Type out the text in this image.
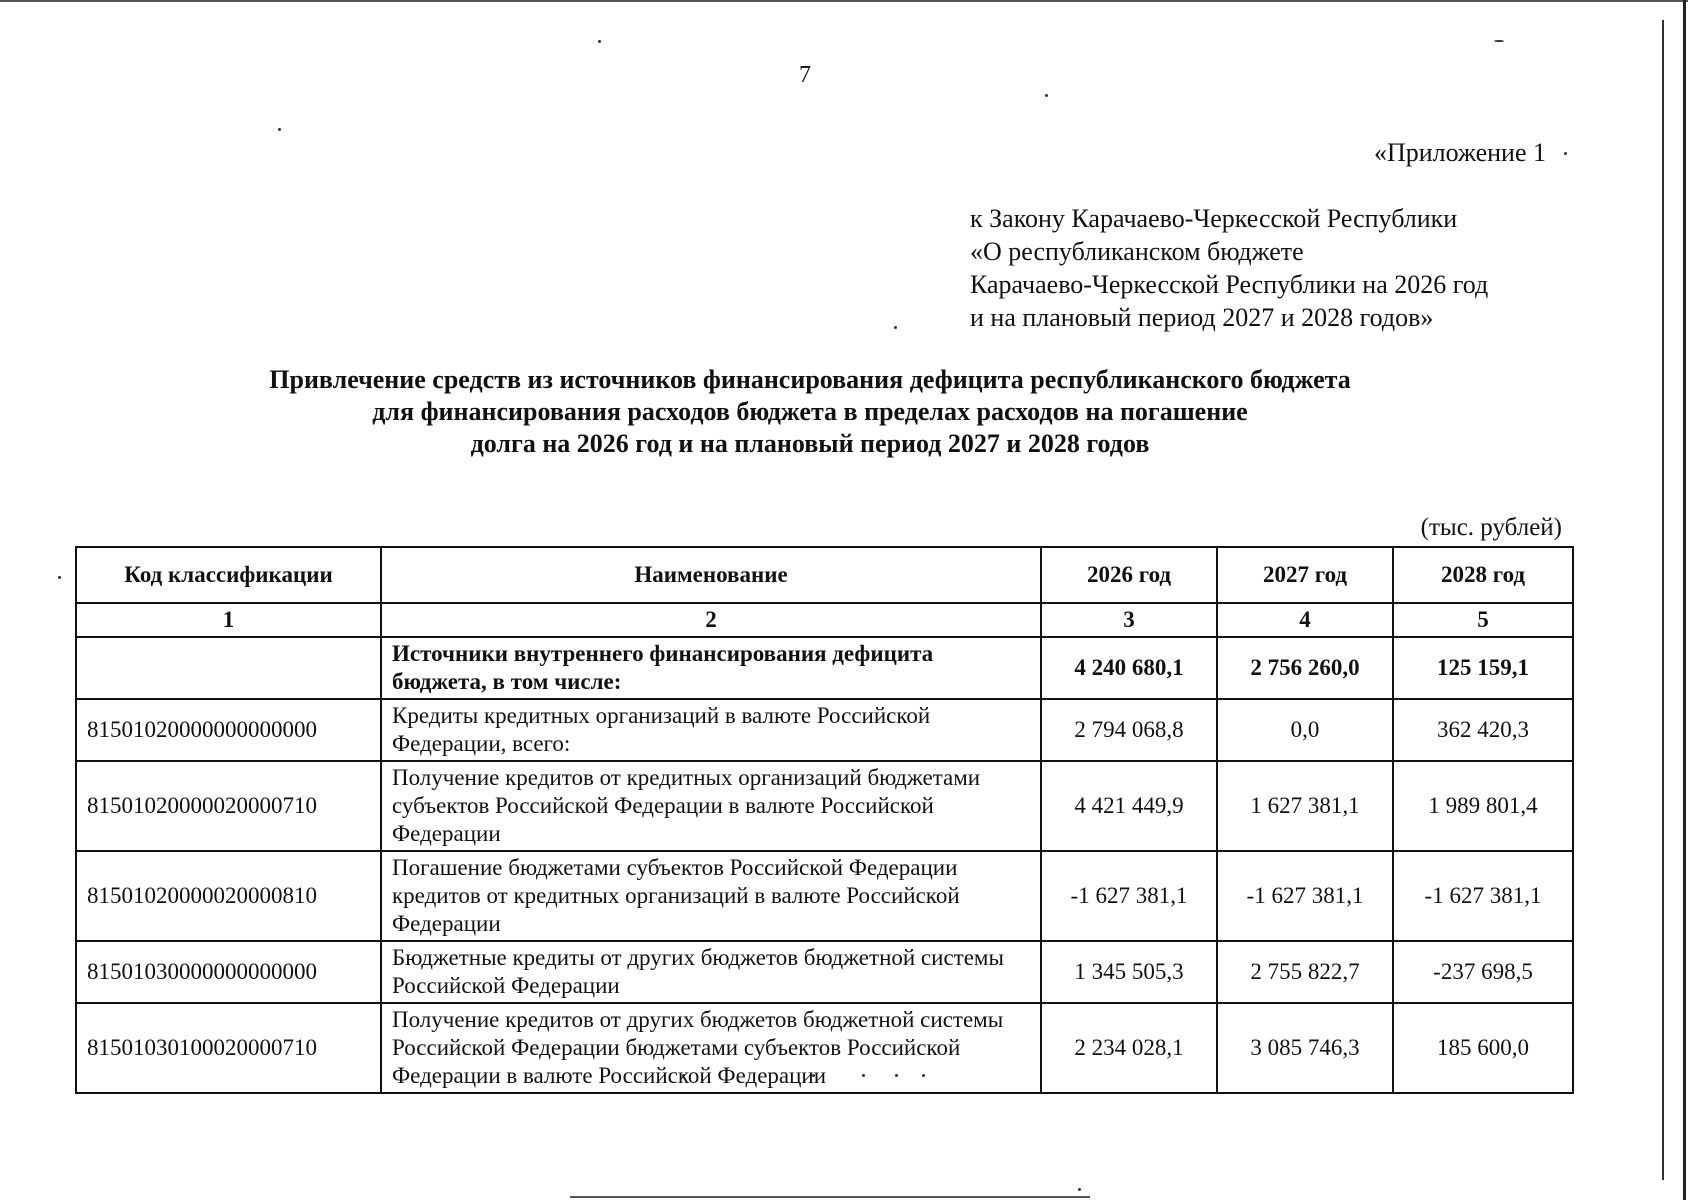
7
«Приложение 1
к Закону Карачаево-Черкесской Республики
«О республиканском бюджете
Карачаево-Черкесской Республики на 2026 год
и на плановый период 2027 и 2028 годов»
Привлечение средств из источников финансирования дефицита республиканского бюджета
для финансирования расходов бюджета в пределах расходов на погашение
долга на 2026 год и на плановый период 2027 и 2028 годов
(тыс. рублей)
Код классификации	Наименование	2026 год	2027 год	2028 год
1	2	3	4	5
	Источники внутреннего финансирования дефицита бюджета, в том числе:	4 240 680,1	2 756 260,0	125 159,1
81501020000000000000	Кредиты кредитных организаций в валюте Российской Федерации, всего:	2 794 068,8	0,0	362 420,3
81501020000020000710	Получение кредитов от кредитных организаций бюджетами субъектов Российской Федерации в валюте Российской Федерации	4 421 449,9	1 627 381,1	1 989 801,4
81501020000020000810	Погашение бюджетами субъектов Российской Федерации кредитов от кредитных организаций в валюте Российской Федерации	-1 627 381,1	-1 627 381,1	-1 627 381,1
81501030000000000000	Бюджетные кредиты от других бюджетов бюджетной системы Российской Федерации	1 345 505,3	2 755 822,7	-237 698,5
81501030100020000710	Получение кредитов от других бюджетов бюджетной системы Российской Федерации бюджетами субъектов Российской Федерации в валюте Российской Федерации	2 234 028,1	3 085 746,3	185 600,0
